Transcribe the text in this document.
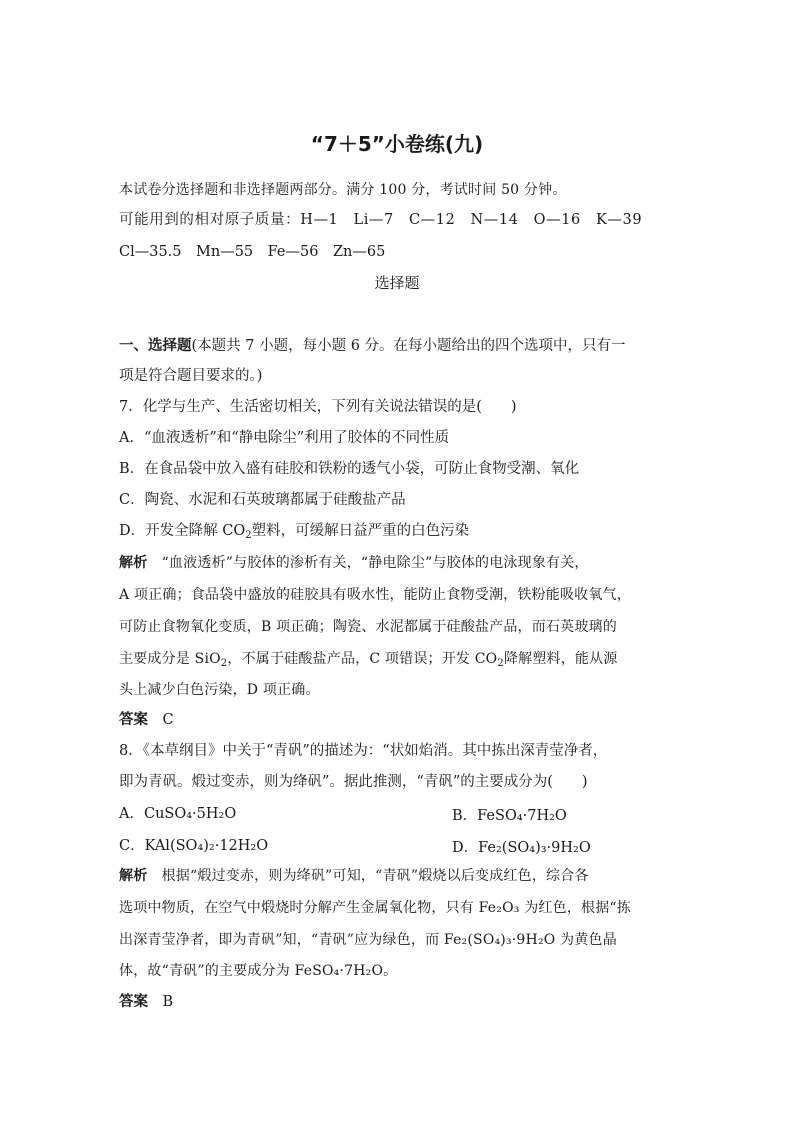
“7＋5”小卷练(九)
本试卷分选择题和非选择题两部分。满分 100 分，考试时间 50 分钟。
可能用到的相对原子质量：H—1　Li—7　C—12　N—14　O—16　K—39
Cl—35.5　Mn—55　Fe—56　Zn—65
选择题
一、选择题(本题共 7 小题，每小题 6 分。在每小题给出的四个选项中，只有一
项是符合题目要求的。)
7．化学与生产、生活密切相关，下列有关说法错误的是(　　)
A．“血液透析”和“静电除尘”利用了胶体的不同性质
B．在食品袋中放入盛有硅胶和铁粉的透气小袋，可防止食物受潮、氧化
C．陶瓷、水泥和石英玻璃都属于硅酸盐产品
D．开发全降解 $CO_2$塑料，可缓解日益严重的白色污染
解析　 “血液透析”与胶体的渗析有关，“静电除尘”与胶体的电泳现象有关，
A 项正确；食品袋中盛放的硅胶具有吸水性，能防止食物受潮，铁粉能吸收氧气，
可防止食物氧化变质，B 项正确；陶瓷、水泥都属于硅酸盐产品，而石英玻璃的
主要成分是 SiO$_2$，不属于硅酸盐产品，C 项错误；开发 $CO_2$降解塑料，能从源
头上减少白色污染，D 项正确。
答案　 C
8．《本草纲目》中关于“青矾”的描述为：“状如焰消。其中拣出深青莹净者，
即为青矾。煅过变赤，则为绛矾”。据此推测，“青矾”的主要成分为(　　)
A．CuSO₄·5H₂O	B．FeSO₄·7H₂O
C．KAl(SO₄)₂·12H₂O	D．Fe₂(SO₄)₃·9H₂O
解析　 根据“煅过变赤，则为绛矾”可知，“青矾”煅烧以后变成红色，综合各
选项中物质，在空气中煅烧时分解产生金属氧化物，只有 Fe₂O₃ 为红色，根据“拣
出深青莹净者，即为青矾”知，“青矾”应为绿色，而 Fe₂(SO₄)₃·9H₂O 为黄色晶
体，故“青矾”的主要成分为 FeSO₄·7H₂O。
答案　 B
